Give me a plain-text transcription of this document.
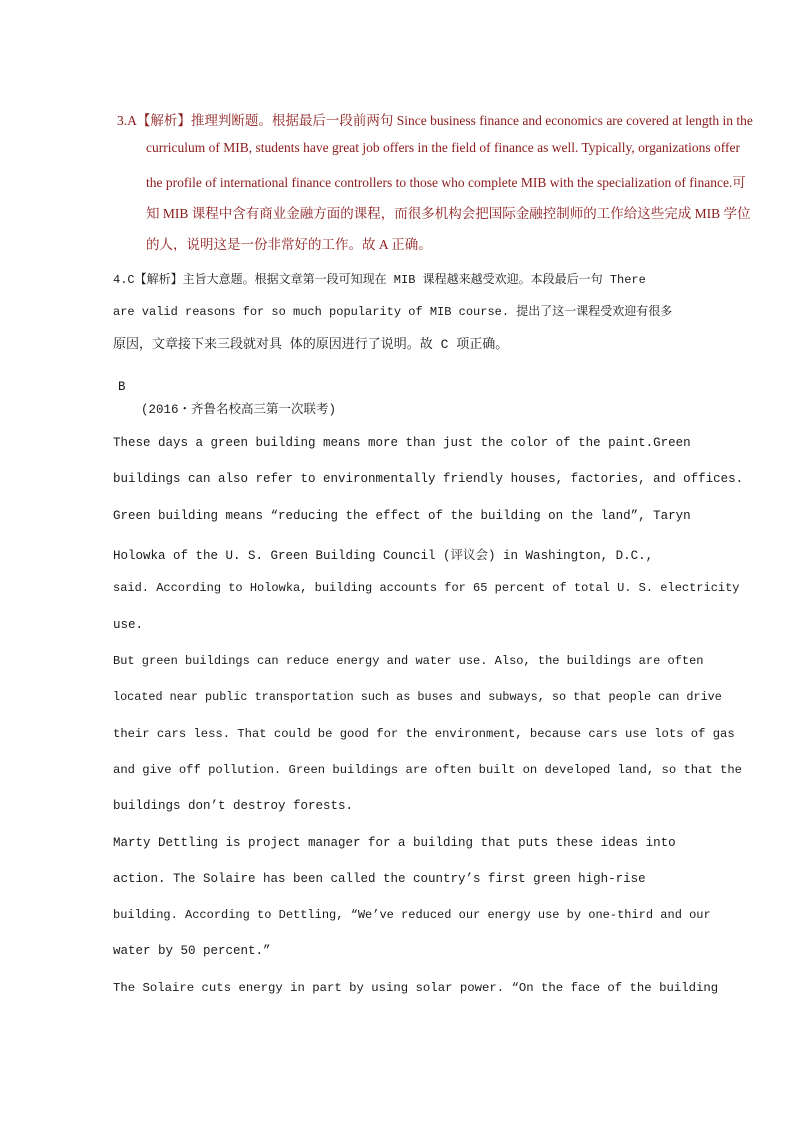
3.A【解析】推理判断题。根据最后一段前两句 Since business finance and economics are covered at length in the
curriculum of MIB, students have great job offers in the field of finance as well. Typically, organizations offer
the profile of international finance controllers to those who complete MIB with the specialization of finance.可
知 MIB 课程中含有商业金融方面的课程，而很多机构会把国际金融控制师的工作给这些完成 MIB 学位
的人，说明这是一份非常好的工作。故 A 正确。
4.C【解析】主旨大意题。根据文章第一段可知现在 MIB 课程越来越受欢迎。本段最后一句 There
are valid reasons for so much popularity of MIB course. 提出了这一课程受欢迎有很多
原因，文章接下来三段就对具 体的原因进行了说明。故 C 项正确。
B
(2016・齐鲁名校高三第一次联考)
These days a green building means more than just the color of the paint.Green
buildings can also refer to environmentally friendly houses, factories, and offices.
Green building means “reducing the effect of the building on the land”, Taryn
Holowka of the U. S. Green Building Council (评议会) in Washington, D.C.,
said. According to Holowka, building accounts for 65 percent of total U. S. electricity
use.
But green buildings can reduce energy and water use. Also, the buildings are often
located near public transportation such as buses and subways, so that people can drive
their cars less. That could be good for the environment, because cars use lots of gas
and give off pollution. Green buildings are often built on developed land, so that the
buildings don’t destroy forests.
Marty Dettling is project manager for a building that puts these ideas into
action. The Solaire has been called the country’s first green high-rise
building. According to Dettling, “We’ve reduced our energy use by one-third and our
water by 50 percent.”
The Solaire cuts energy in part by using solar power. “On the face of the building
